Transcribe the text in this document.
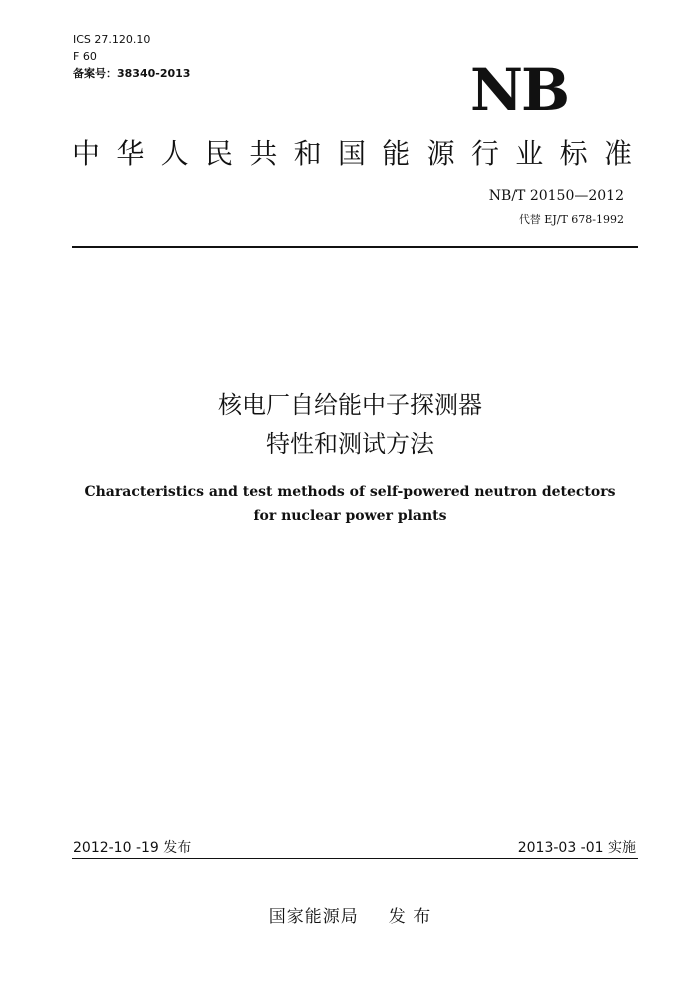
ICS 27.120.10
F 60
备案号：38340-2013	NB
中 华 人 民 共 和 国 能 源 行 业 标 准
NB/T 20150—2012
代替 EJ/T 678-1992
核电厂自给能中子探测器
特性和测试方法
Characteristics and test methods of self-powered neutron detectors
for nuclear power plants
2012-10 -19 发布	2013-03 -01 实施
国家能源局 发 布
